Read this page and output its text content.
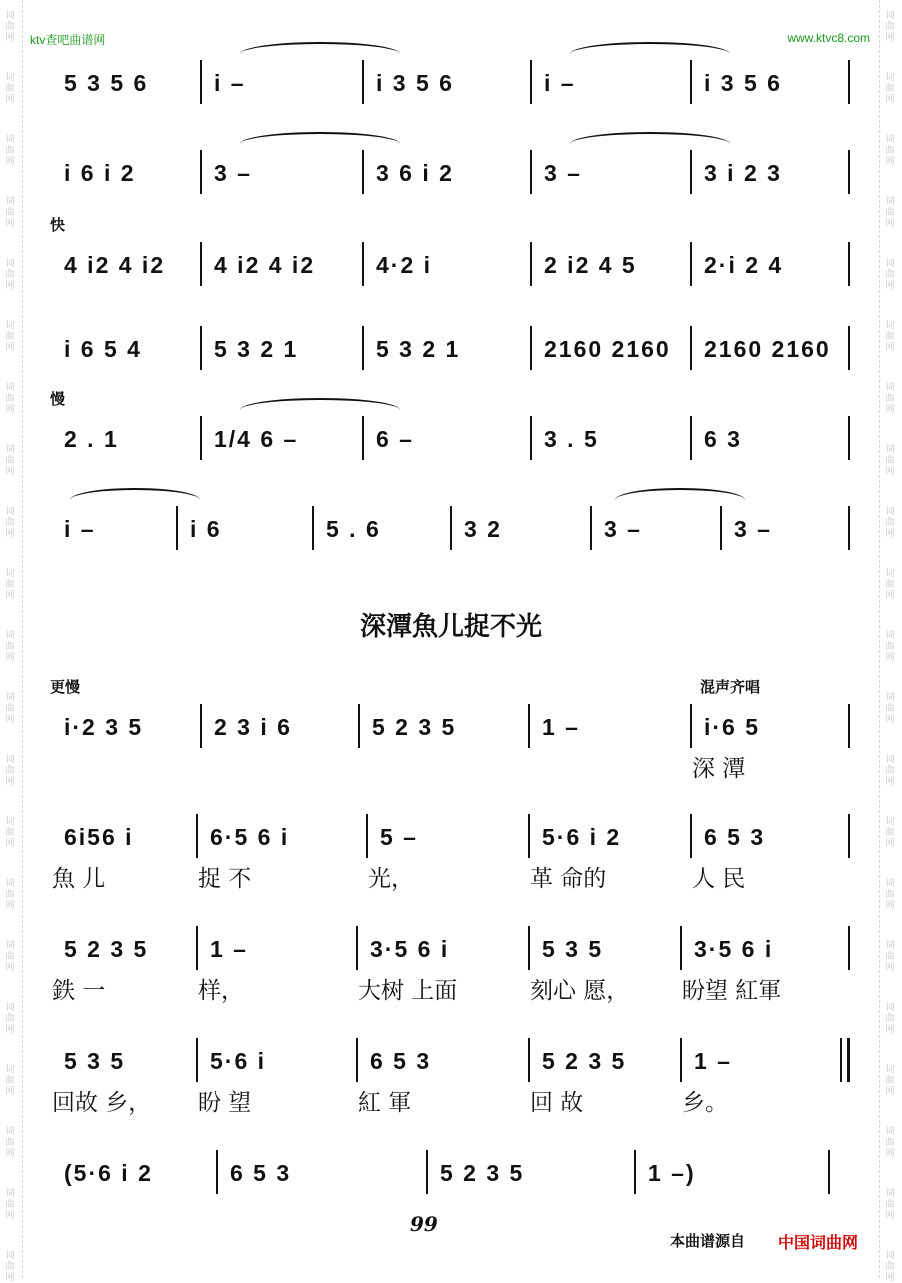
词
曲
网
词
曲
网
词
曲
网
词
曲
网
词
曲
网
词
曲
网
词
曲
网
词
曲
网
词
曲
网
词
曲
网
词
曲
网
词
曲
网
词
曲
网
词
曲
网
词
曲
网
词
曲
网
词
曲
网
词
曲
网
词
曲
网
词
曲
网
词
曲
网
词
曲
网
词
曲
网
词
曲
网
词
曲
网
词
曲
网
词
曲
网
词
曲
网
词
曲
网
词
曲
网
词
曲
网
词
曲
网
词
曲
网
词
曲
网
词
曲
网
词
曲
网
词
曲
网
词
曲
网
词
曲
网
词
曲
网
词
曲
网
词
曲
网
ktv查吧曲谱网	www.ktvc8.com
5 3 5 6	i –	i 3 5 6	i –	i 3 5 6
i 6 i 2	3 –	3 6 i 2	3 –	3 i 2 3
快
4 i2 4 i2 4 i2 4 i2	4·2 i	2 i2 4 5	2·i 2 4
i 6 5 4	5 3 2 1	5 3 2 1	2160 2160 2160 2160
慢
2 . 1	1/4 6 –	6 –	3 . 5	6 3
i –	i 6	5 . 6	3 2	3 –	3 –
深潭魚儿捉不光
更慢	混声齐唱
i·2 3 5	2 3 i 6	5 2 3 5	1 –	i·6 5
深 潭
6i56 i
魚 儿
6·5 6 i
捉 不
5 –
光，
5·6 i 2
革 命的
6 5 3
人 民
5 2 3 5
鉄 一
1 –
样，
3·5 6 i
大树 上面
5 3 5
刻心 愿，
3·5 6 i
盼望 紅軍
5 3 5
回故 乡，
5·6 i
盼 望
6 5 3
紅 軍
5 2 3 5
回 故
1 –
乡。
(5·6 i 2	6 5 3	5 2 3 5	1 –)
99
本曲谱源自 中国词曲网
